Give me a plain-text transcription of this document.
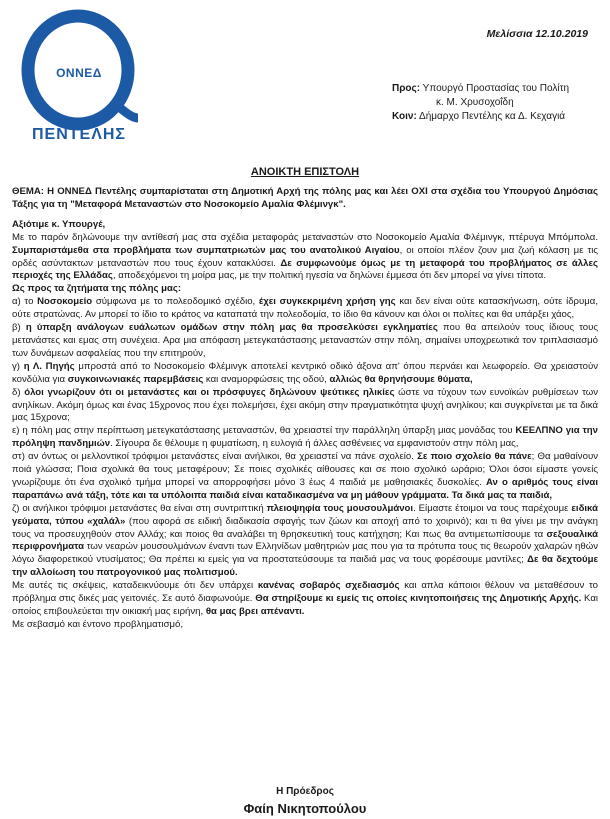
ΟΝΝΕΔ
ΠΕΝΤΕΛΗΣ
Μελίσσια 12.10.2019
Προς: Υπουργό Προστασίας του Πολίτη
κ. Μ. Χρυσοχοΐδη
Κοιν: Δήμαρχο Πεντέλης κα Δ. Κεχαγιά
ΑΝΟΙΚΤΗ ΕΠΙΣΤΟΛΗ

ΘΕΜΑ: Η ΟΝΝΕΔ Πεντέλης συμπαρίσταται στη Δημοτική Αρχή της πόλης μας και λέει ΟΧΙ στα σχέδια του Υπουργού Δημόσιας Τάξης για τη "Μεταφορά Μεταναστών στο Νοσοκομείο Αμαλία Φλέμινγκ".

Αξιότιμε κ. Υπουργέ,

Με το παρόν δηλώνουμε την αντίθεσή μας στα σχέδια μεταφοράς μεταναστών στο Νοσοκομείο Αμαλία Φλέμινγκ, πτέρυγα Μπόμπολα. Συμπαριστάμεθα στα προβλήματα των συμπατριωτών μας του ανατολικού Αιγαίου, οι οποίοι πλέον ζουν μια ζωή κόλαση με τις ορδές ασύντακτων μεταναστών που τους έχουν κατακλύσει. Δε συμφωνούμε όμως με τη μεταφορά του προβλήματος σε άλλες περιοχές της Ελλάδας, αποδεχόμενοι τη μοίρα μας, με την πολιτική ηγεσία να δηλώνει έμμεσα ότι δεν μπορεί να γίνει τίποτα.

Ως προς τα ζητήματα της πόλης μας:

α) το Νοσοκομείο σύμφωνα με το πολεοδομικό σχέδιο, έχει συγκεκριμένη χρήση γης και δεν είναι ούτε κατασκήνωση, ούτε ίδρυμα, ούτε στρατώνας. Αν μπορεί το ίδιο το κράτος να καταπατά την πολεοδομία, το ίδιο θα κάνουν και όλοι οι πολίτες και θα υπάρξει χάος,

β) η ύπαρξη ανάλογων ευάλωτων ομάδων στην πόλη μας θα προσελκύσει εγκληματίες που θα απειλούν τους ίδιους τους μετανάστες και εμας στη συνέχεια. Αρα μια απόφαση μετεγκατάστασης μεταναστών στην πόλη, σημαίνει υποχρεωτικά τον τριπλασιασμό των δυνάμεων ασφαλείας που την επιτηρούν,

γ) η Λ. Πηγής μπροστά από το Νοσοκομείο Φλέμινγκ αποτελεί κεντρικό οδικό άξονα απ' όπου περνάει και λεωφορείο. Θα χρειαστούν κονδύλια για συγκοινωνιακές παρεμβάσεις και αναμορφώσεις της οδού, αλλιώς θα θρηνήσουμε θύματα,

δ) όλοι γνωρίζουν ότι οι μετανάστες και οι πρόσφυγες δηλώνουν ψεύτικες ηλικίες ώστε να τύχουν των ευνοϊκών ρυθμίσεων των ανηλίκων. Ακόμη όμως και ένας 15χρονος που έχει πολεμήσει, έχει ακόμη στην πραγματικότητα ψυχή ανηλίκου; και συγκρίνεται με τα δικά μας 15χρονα;

ε) η πόλη μας στην περίπτωση μετεγκατάστασης μεταναστών, θα χρειαστεί την παράλληλη ύπαρξη μιας μονάδας του ΚΕΕΛΠΝΟ για την πρόληψη πανδημιών. Σίγουρα δε θέλουμε η φυματίωση, η ευλογιά ή άλλες ασθένειες να εμφανιστούν στην πόλη μας,

στ) αν όντως οι μελλοντικοί τρόφιμοι μετανάστες είναι ανήλικοι, θα χρειαστεί να πάνε σχολείο. Σε ποιο σχολείο θα πάνε; Θα μαθαίνουν ποιά γλώσσα; Ποια σχολικά θα τους μεταφέρουν; Σε ποιες σχολικές αίθουσες και σε ποιο σχολικό ωράριο; Όλοι όσοι είμαστε γονείς γνωρίζουμε ότι ένα σχολικό τμήμα μπορεί να απορροφήσει μόνο 3 έως 4 παιδιά με μαθησιακές δυσκολίες. Αν ο αριθμός τους είναι παραπάνω ανά τάξη, τότε και τα υπόλοιπα παιδιά είναι καταδικασμένα να μη μάθουν γράμματα. Τα δικά μας τα παιδιά,

ζ) οι ανήλικοι τρόφιμοι μετανάστες θα είναι στη συντριπτική πλειοψηφία τους μουσουλμάνοι. Είμαστε έτοιμοι να τους παρέχουμε ειδικά γεύματα, τύπου «χαλάλ» (που αφορά σε ειδική διαδικασία σφαγής των ζώων και αποχή από το χοιρινό); και τι θα γίνει με την ανάγκη τους να προσευχηθούν στον Αλλάχ; και ποιος θα αναλάβει τη θρησκευτική τους κατήχηση; Και πως θα αντιμετωπίσουμε τα σεξουαλικά περιφρονήματα των νεαρών μουσουλμάνων έναντι των Ελληνίδων μαθητριών μας που για τα πρότυπα τους τις θεωρούν χαλαρών ηθών λόγω διαφορετικού ντυσίματος; Θα πρέπει κι εμείς για να προστατεύσουμε τα παιδιά μας να τους φορέσουμε μαντίλες; Δε θα δεχτούμε την αλλοίωση του πατρογονικού μας πολιτισμού.

Με αυτές τις σκέψεις, καταδεικνύουμε ότι δεν υπάρχει κανένας σοβαρός σχεδιασμός και απλα κάποιοι θέλουν να μεταθέσουν το πρόβλημα στις δικές μας γειτονιές. Σε αυτό διαφωνούμε. Θα στηρίξουμε κι εμείς τις οποίες κινητοποιήσεις της Δημοτικής Αρχής. Και οποίος επιβουλεύεται την οικιακή μας ειρήνη, θα μας βρει απέναντι.

Με σεβασμό και έντονο προβληματισμό,

Η Πρόεδρος
Φαίη Νικητοπούλου
